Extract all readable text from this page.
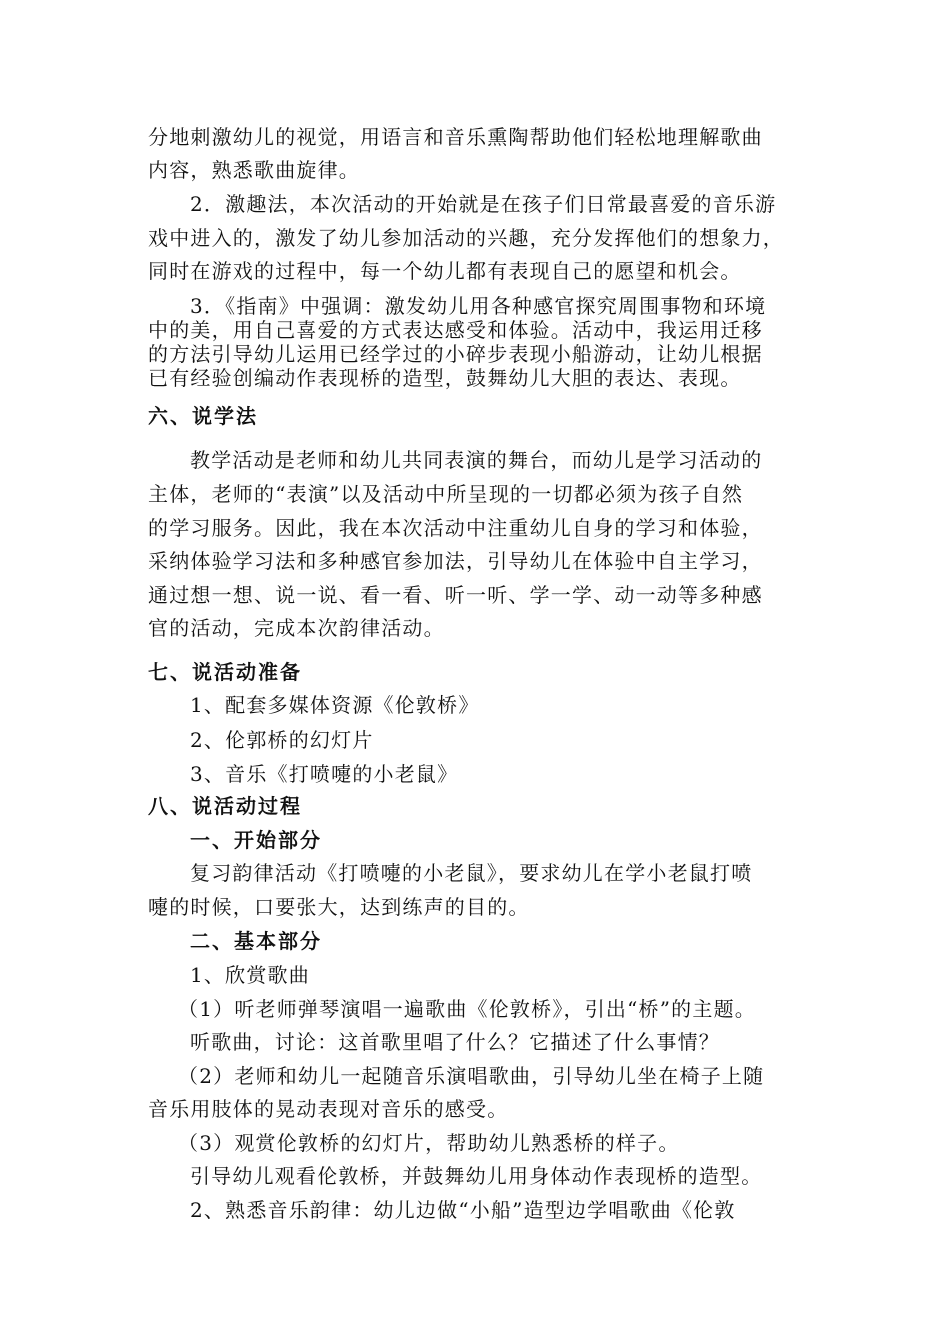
分地刺激幼儿的视觉，用语言和音乐熏陶帮助他们轻松地理解歌曲
内容，熟悉歌曲旋律。
2．激趣法，本次活动的开始就是在孩子们日常最喜爱的音乐游
戏中进入的，激发了幼儿参加活动的兴趣，充分发挥他们的想象力，
同时在游戏的过程中，每一个幼儿都有表现自己的愿望和机会。
3．《指南》中强调：激发幼儿用各种感官探究周围事物和环境
中的美，用自己喜爱的方式表达感受和体验。活动中，我运用迁移
的方法引导幼儿运用已经学过的小碎步表现小船游动，让幼儿根据
已有经验创编动作表现桥的造型，鼓舞幼儿大胆的表达、表现。
六、说学法
教学活动是老师和幼儿共同表演的舞台，而幼儿是学习活动的
主体，老师的“表演”以及活动中所呈现的一切都必须为孩子自然
的学习服务。因此，我在本次活动中注重幼儿自身的学习和体验，
采纳体验学习法和多种感官参加法，引导幼儿在体验中自主学习，
通过想一想、说一说、看一看、听一听、学一学、动一动等多种感
官的活动，完成本次韵律活动。
七、说活动准备
1、配套多媒体资源《伦敦桥》
2、伦郭桥的幻灯片
3、音乐《打喷嚏的小老鼠》
八、说活动过程
一、开始部分
复习韵律活动《打喷嚏的小老鼠》，要求幼儿在学小老鼠打喷
嚏的时候，口要张大，达到练声的目的。
二、基本部分
1、欣赏歌曲
（1）听老师弹琴演唱一遍歌曲《伦敦桥》，引出“桥”的主题。
听歌曲，讨论：这首歌里唱了什么？它描述了什么事情？
（2）老师和幼儿一起随音乐演唱歌曲，引导幼儿坐在椅子上随
音乐用肢体的晃动表现对音乐的感受。
（3）观赏伦敦桥的幻灯片，帮助幼儿熟悉桥的样子。
引导幼儿观看伦敦桥，并鼓舞幼儿用身体动作表现桥的造型。
2、熟悉音乐韵律：幼儿边做“小船”造型边学唱歌曲《伦敦
